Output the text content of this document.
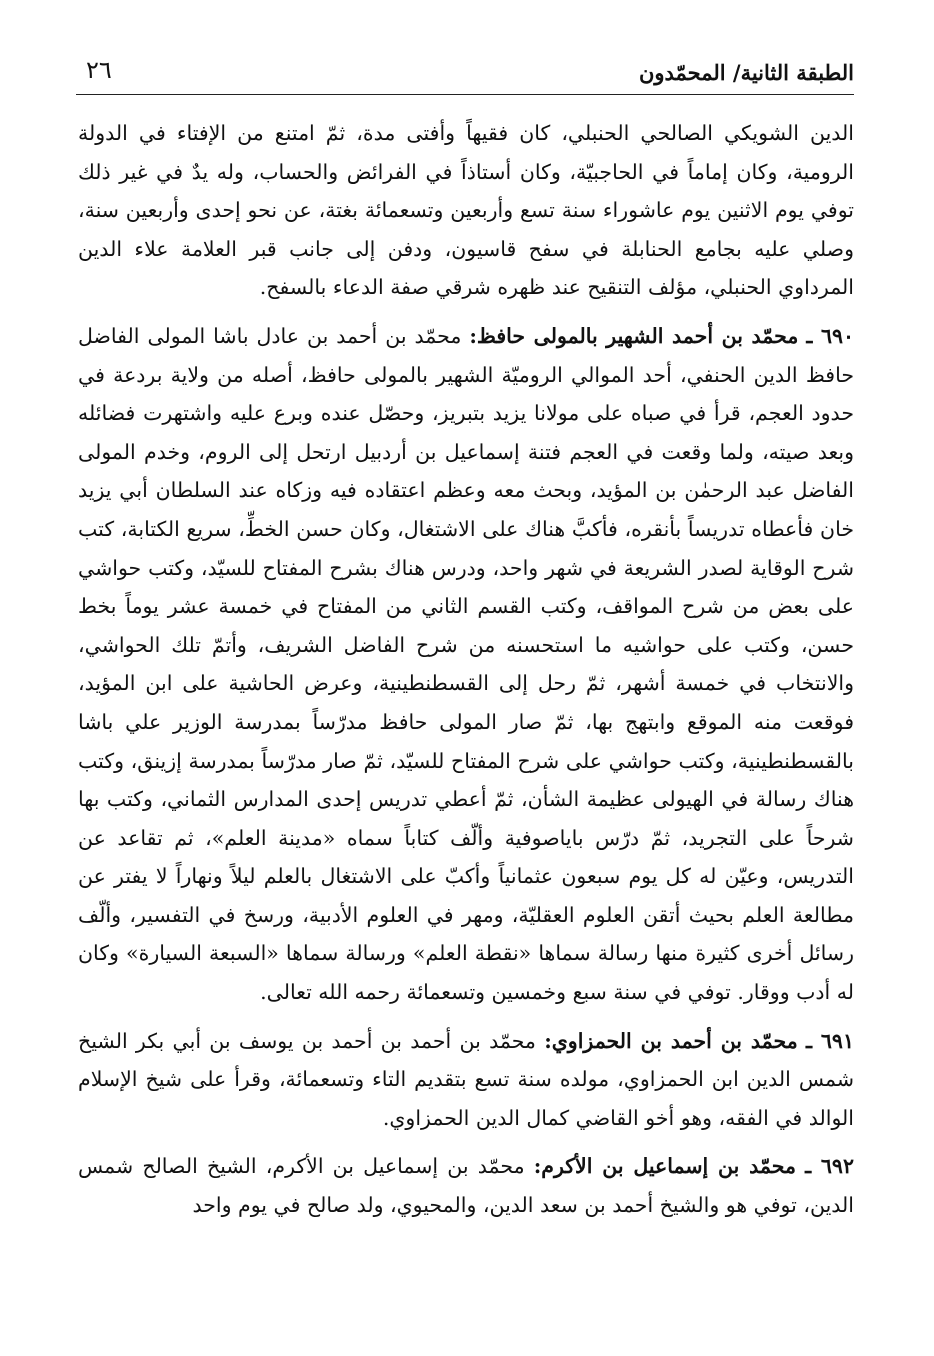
الطبقة الثانية/ المحمّدون
٢٦

الدين الشويكي الصالحي الحنبلي، كان فقيهاً وأفتى مدة، ثمّ امتنع من الإفتاء في الدولة الرومية، وكان إماماً في الحاجبيّة، وكان أستاذاً في الفرائض والحساب، وله يدٌ في غير ذلك توفي يوم الاثنين يوم عاشوراء سنة تسع وأربعين وتسعمائة بغتة، عن نحو إحدى وأربعين سنة، وصلي عليه بجامع الحنابلة في سفح قاسيون، ودفن إلى جانب قبر العلامة علاء الدين المرداوي الحنبلي، مؤلف التنقيح عند ظهره شرقي صفة الدعاء بالسفح.

٦٩٠ ـ محمّد بن أحمد الشهير بالمولى حافظ: محمّد بن أحمد بن عادل باشا المولى الفاضل حافظ الدين الحنفي، أحد الموالي الروميّة الشهير بالمولى حافظ، أصله من ولاية بردعة في حدود العجم، قرأ في صباه على مولانا يزيد بتبريز، وحصّل عنده وبرع عليه واشتهرت فضائله وبعد صيته، ولما وقعت في العجم فتنة إسماعيل بن أردبيل ارتحل إلى الروم، وخدم المولى الفاضل عبد الرحمٰن بن المؤيد، وبحث معه وعظم اعتقاده فيه وزكاه عند السلطان أبي يزيد خان فأعطاه تدريساً بأنقره، فأكبَّ هناك على الاشتغال، وكان حسن الخطِّ، سريع الكتابة، كتب شرح الوقاية لصدر الشريعة في شهر واحد، ودرس هناك بشرح المفتاح للسيّد، وكتب حواشي على بعض من شرح المواقف، وكتب القسم الثاني من المفتاح في خمسة عشر يوماً بخط حسن، وكتب على حواشيه ما استحسنه من شرح الفاضل الشريف، وأتمّ تلك الحواشي، والانتخاب في خمسة أشهر، ثمّ رحل إلى القسطنطينية، وعرض الحاشية على ابن المؤيد، فوقعت منه الموقع وابتهج بها، ثمّ صار المولى حافظ مدرّساً بمدرسة الوزير علي باشا بالقسطنطينية، وكتب حواشي على شرح المفتاح للسيّد، ثمّ صار مدرّساً بمدرسة إزينق، وكتب هناك رسالة في الهيولى عظيمة الشأن، ثمّ أعطي تدريس إحدى المدارس الثماني، وكتب بها شرحاً على التجريد، ثمّ درّس باياصوفية وألّف كتاباً سماه «مدينة العلم»، ثم تقاعد عن التدريس، وعيّن له كل يوم سبعون عثمانياً وأكبّ على الاشتغال بالعلم ليلاً ونهاراً لا يفتر عن مطالعة العلم بحيث أتقن العلوم العقليّة، ومهر في العلوم الأدبية، ورسخ في التفسير، وألّف رسائل أخرى كثيرة منها رسالة سماها «نقطة العلم» ورسالة سماها «السبعة السيارة» وكان له أدب ووقار. توفي في سنة سبع وخمسين وتسعمائة رحمه الله تعالى.

٦٩١ ـ محمّد بن أحمد بن الحمزاوي: محمّد بن أحمد بن أحمد بن يوسف بن أبي بكر الشيخ شمس الدين ابن الحمزاوي، مولده سنة تسع بتقديم التاء وتسعمائة، وقرأ على شيخ الإسلام الوالد في الفقه، وهو أخو القاضي كمال الدين الحمزاوي.

٦٩٢ ـ محمّد بن إسماعيل بن الأكرم: محمّد بن إسماعيل بن الأكرم، الشيخ الصالح شمس الدين، توفي هو والشيخ أحمد بن سعد الدين، والمحيوي، ولد صالح في يوم واحد
